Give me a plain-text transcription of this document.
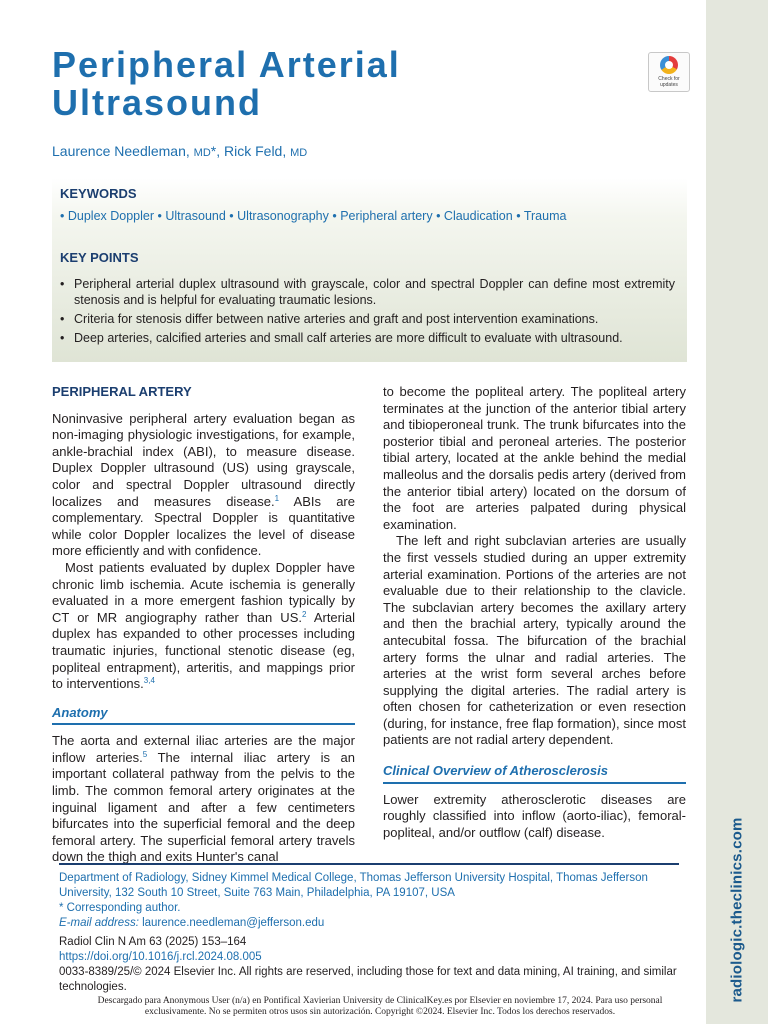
radiologic.theclinics.com
Peripheral Arterial
Ultrasound
Check for
updates
Laurence Needleman, MD*, Rick Feld, MD
KEYWORDS
• Duplex Doppler • Ultrasound • Ultrasonography • Peripheral artery • Claudication • Trauma
KEY POINTS
• Peripheral arterial duplex ultrasound with grayscale, color and spectral Doppler can define most extremity stenosis and is helpful for evaluating traumatic lesions.
• Criteria for stenosis differ between native arteries and graft and post intervention examinations.
• Deep arteries, calcified arteries and small calf arteries are more difficult to evaluate with ultrasound.
PERIPHERAL ARTERY

Noninvasive peripheral artery evaluation began as non-imaging physiologic investigations, for example, ankle-brachial index (ABI), to measure disease. Duplex Doppler ultrasound (US) using grayscale, color and spectral Doppler ultrasound directly localizes and measures disease.$^1$ ABIs are complementary. Spectral Doppler is quantitative while color Doppler localizes the level of disease more efficiently and with confidence.

Most patients evaluated by duplex Doppler have chronic limb ischemia. Acute ischemia is generally evaluated in a more emergent fashion typically by CT or MR angiography rather than US.$^2$ Arterial duplex has expanded to other processes including traumatic injuries, functional stenotic disease (eg, popliteal entrapment), arteritis, and mappings prior to interventions.$^{3,4}$

Anatomy

The aorta and external iliac arteries are the major inflow arteries.$^5$ The internal iliac artery is an important collateral pathway from the pelvis to the limb. The common femoral artery originates at the inguinal ligament and after a few centimeters bifurcates into the superficial femoral and the deep femoral artery. The superficial femoral artery travels down the thigh and exits Hunter's canal

to become the popliteal artery. The popliteal artery terminates at the junction of the anterior tibial artery and tibioperoneal trunk. The trunk bifurcates into the posterior tibial and peroneal arteries. The posterior tibial artery, located at the ankle behind the medial malleolus and the dorsalis pedis artery (derived from the anterior tibial artery) located on the dorsum of the foot are arteries palpated during physical examination.

The left and right subclavian arteries are usually the first vessels studied during an upper extremity arterial examination. Portions of the arteries are not evaluable due to their relationship to the clavicle. The subclavian artery becomes the axillary artery and then the brachial artery, typically around the antecubital fossa. The bifurcation of the brachial artery forms the ulnar and radial arteries. The arteries at the wrist form several arches before supplying the digital arteries. The radial artery is often chosen for catheterization or even resection (during, for instance, free flap formation), since most patients are not radial artery dependent.

Clinical Overview of Atherosclerosis

Lower extremity atherosclerotic diseases are roughly classified into inflow (aorto-iliac), femoral-popliteal, and/or outflow (calf) disease.

Department of Radiology, Sidney Kimmel Medical College, Thomas Jefferson University Hospital, Thomas Jefferson University, 132 South 10 Street, Suite 763 Main, Philadelphia, PA 19107, USA

* Corresponding author.

E-mail address: laurence.needleman@jefferson.edu

Radiol Clin N Am 63 (2025) 153–164

https://doi.org/10.1016/j.rcl.2024.08.005

0033-8389/25/© 2024 Elsevier Inc. All rights are reserved, including those for text and data mining, AI training, and similar technologies.

Descargado para Anonymous User (n/a) en Pontifical Xavierian University de ClinicalKey.es por Elsevier en noviembre 17, 2024. Para uso personal exclusivamente. No se permiten otros usos sin autorización. Copyright ©2024. Elsevier Inc. Todos los derechos reservados.
